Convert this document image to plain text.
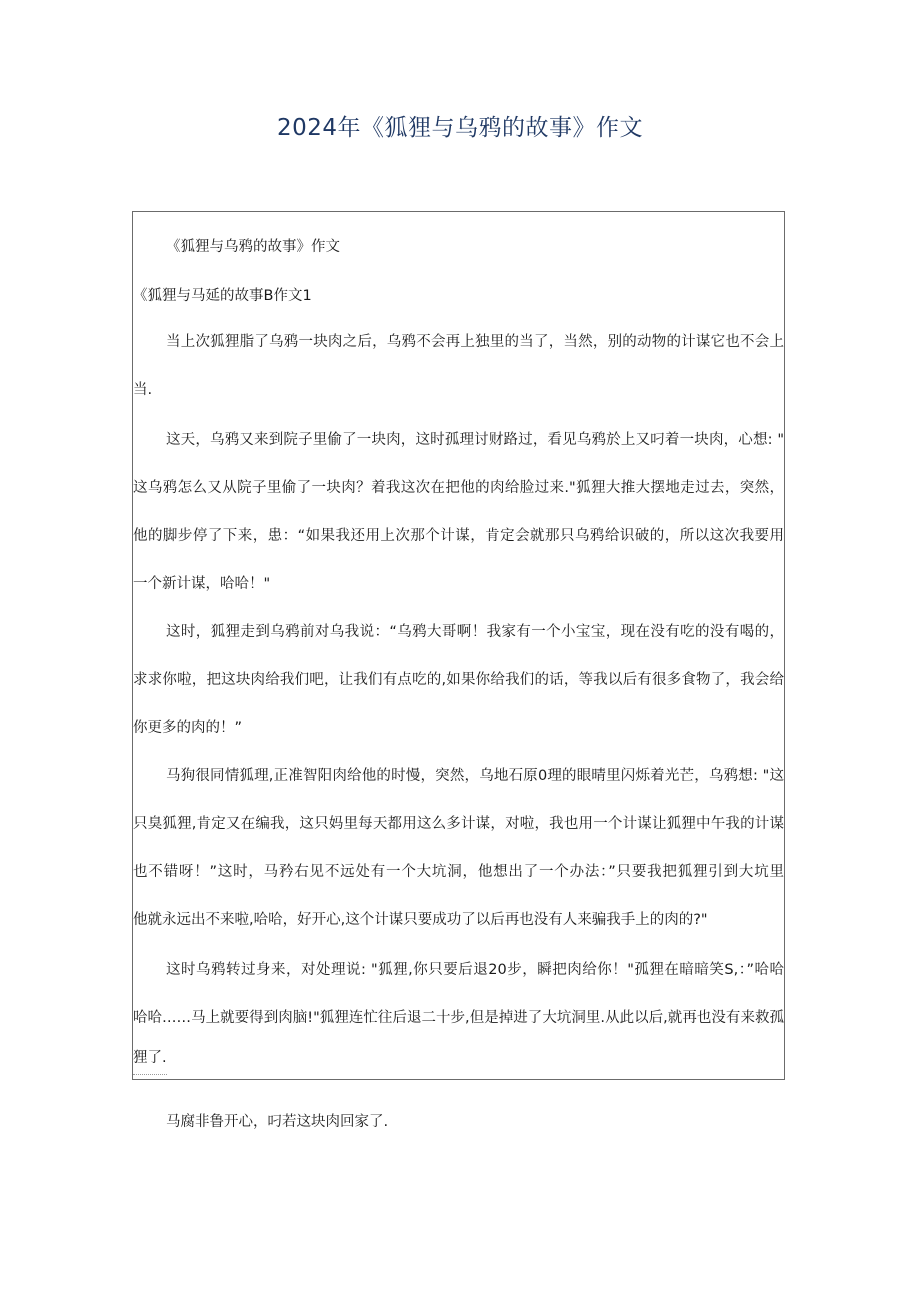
2024年《狐狸与乌鸦的故事》作文
《狐狸与乌鸦的故事》作文
《狐狸与马延的故事B作文1
当上次狐狸脂了乌鸦一块肉之后，乌鸦不会再上独里的当了，当然，别的动物的计谋它也不会上
当.
这天，乌鸦又来到院子里偷了一块肉，这时孤理讨财路过，看见乌鸦於上又叼着一块肉，心想: "
这乌鸦怎么又从院子里偷了一块肉？着我这次在把他的肉给脸过来."狐狸大推大摆地走过去，突然，
他的脚步停了下来，患：“如果我还用上次那个计谋，肯定会就那只乌鸦给识破的，所以这次我要用
一个新计谋，哈哈！"
这时，狐狸走到乌鸦前对乌我说：“乌鸦大哥啊！我家有一个小宝宝，现在没有吃的没有喝的，
求求你啦，把这块肉给我们吧，让我们有点吃的,如果你给我们的话，等我以后有很多食物了，我会给
你更多的肉的！”
马狗很同情狐理,正准智阳肉给他的时慢，突然，乌地石原0理的眼晴里闪烁着光芒，乌鸦想: "这
只臭狐狸,肯定又在编我，这只妈里每天都用这么多计谋，对啦，我也用一个计谋让狐狸中午我的计谋
也不错呀！”这时，马矜右见不远处有一个大坑洞，他想出了一个办法：”只要我把狐狸引到大坑里
他就永远出不来啦,哈哈，好开心,这个计谋只要成功了以后再也没有人来骗我手上的肉的?"
这时乌鸦转过身来，对处理说: "狐狸,你只要后退20步，瞬把肉给你！"孤狸在暗暗笑S,：”哈哈
哈哈……马上就要得到肉脑!"狐狸连忙往后退二十步,但是掉进了大坑洞里.从此以后,就再也没有来救孤
狸了.
马腐非鲁开心，叼若这块肉回家了.
